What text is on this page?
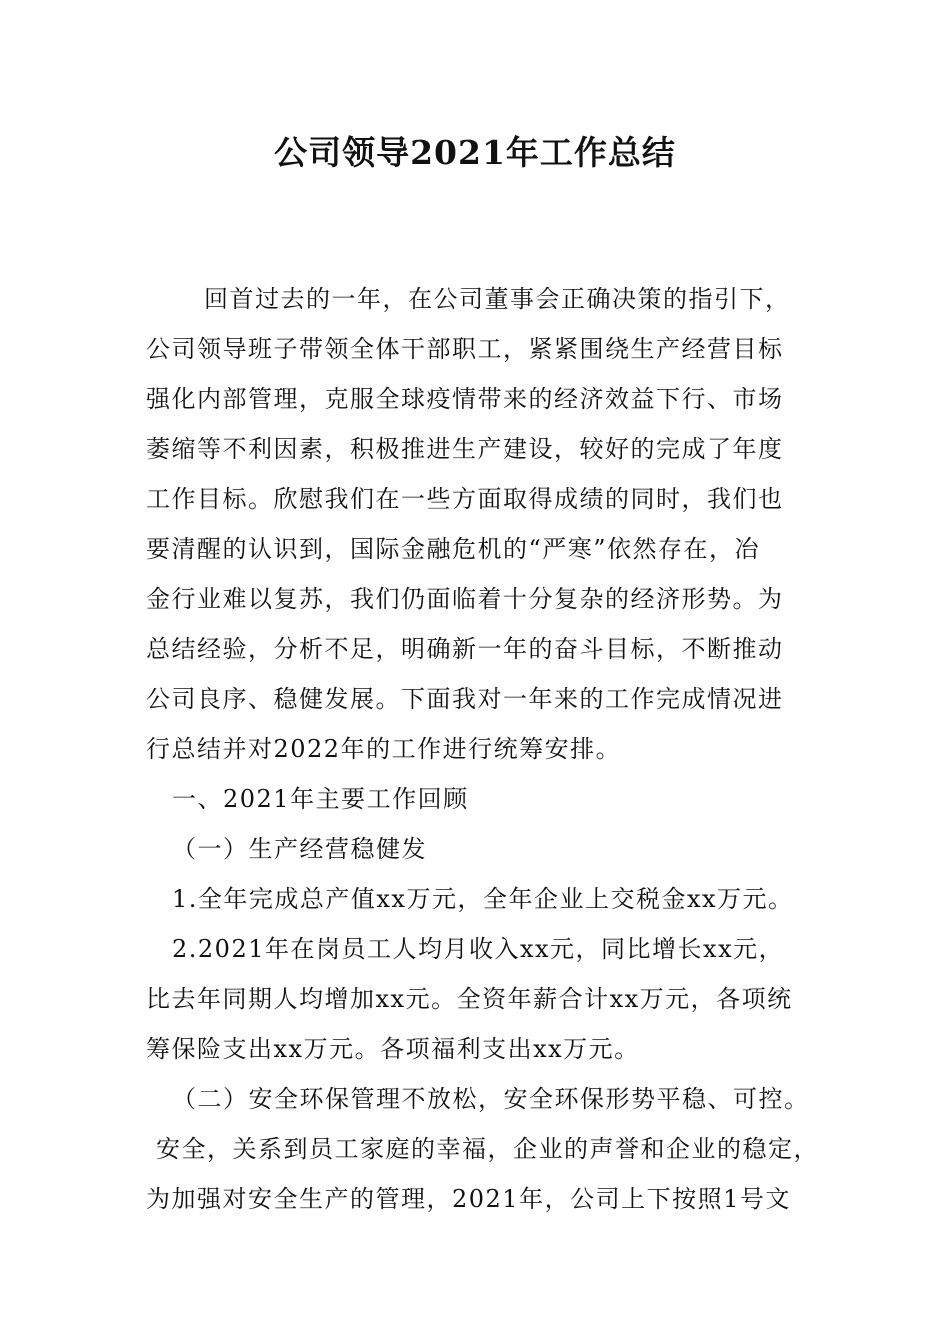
公司领导2021年工作总结
回首过去的一年，在公司董事会正确决策的指引下，
公司领导班子带领全体干部职工，紧紧围绕生产经营目标
强化内部管理，克服全球疫情带来的经济效益下行、市场
萎缩等不利因素，积极推进生产建设，较好的完成了年度
工作目标。欣慰我们在一些方面取得成绩的同时，我们也
要清醒的认识到，国际金融危机的“严寒”依然存在，冶
金行业难以复苏，我们仍面临着十分复杂的经济形势。为
总结经验，分析不足，明确新一年的奋斗目标，不断推动
公司良序、稳健发展。下面我对一年来的工作完成情况进
行总结并对2022年的工作进行统筹安排。
一、2021年主要工作回顾
（一）生产经营稳健发
1.全年完成总产值xx万元，全年企业上交税金xx万元。
2.2021年在岗员工人均月收入xx元，同比增长xx元，
比去年同期人均增加xx元。全资年薪合计xx万元，各项统
筹保险支出xx万元。各项福利支出xx万元。
（二）安全环保管理不放松，安全环保形势平稳、可控。
安全，关系到员工家庭的幸福，企业的声誉和企业的稳定，
为加强对安全生产的管理，2021年，公司上下按照1号文
